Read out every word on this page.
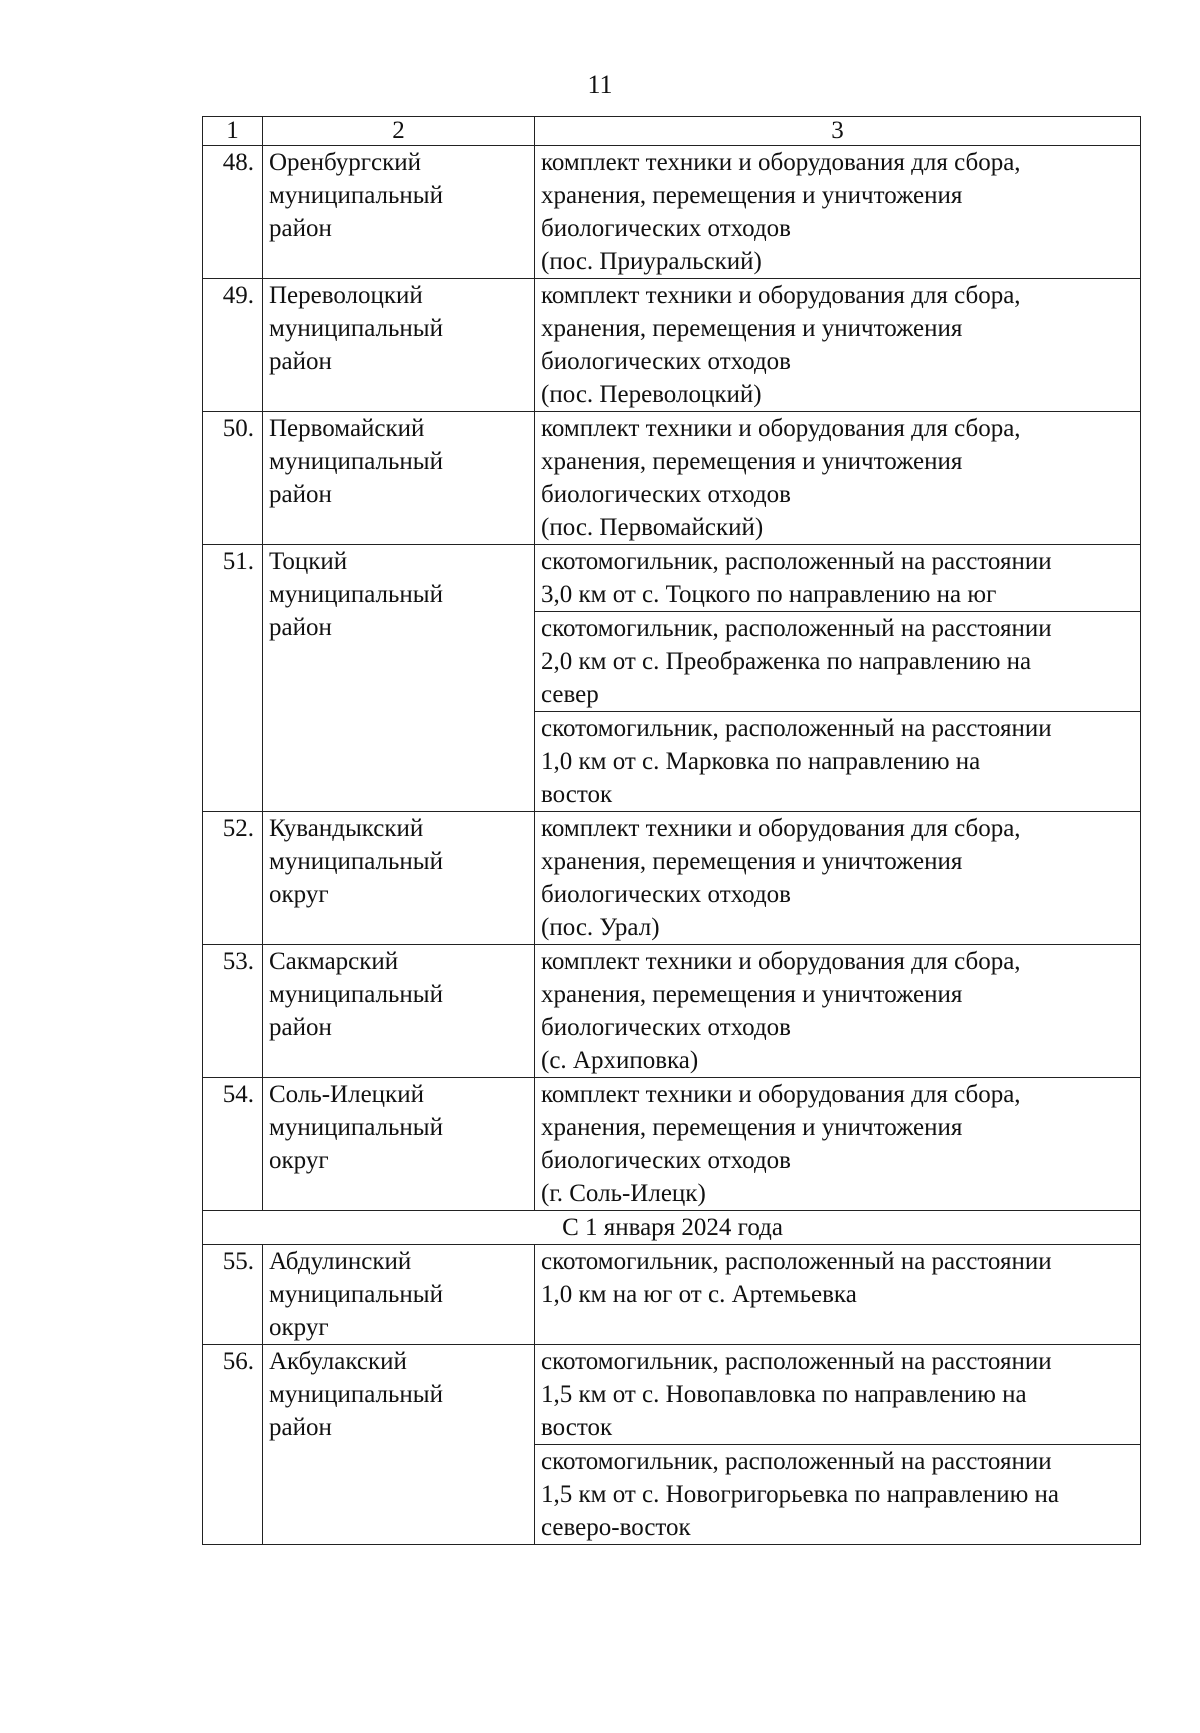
11
1	2	3
48.	Оренбургский
муниципальный
район	комплект техники и оборудования для сбора,
хранения, перемещения и уничтожения
биологических отходов
(пос. Приуральский)

49.	Переволоцкий
муниципальный
район	комплект техники и оборудования для сбора,
хранения, перемещения и уничтожения
биологических отходов
(пос. Переволоцкий)

50.	Первомайский
муниципальный
район	комплект техники и оборудования для сбора,
хранения, перемещения и уничтожения
биологических отходов
(пос. Первомайский)

51.	Тоцкий
муниципальный
район	скотомогильник, расположенный на расстоянии
3,0 км от с. Тоцкого по направлению на юг

		скотомогильник, расположенный на расстоянии
2,0 км от с. Преображенка по направлению на
север

		скотомогильник, расположенный на расстоянии
1,0 км от с. Марковка по направлению на
восток

52.	Кувандыкский
муниципальный
округ	комплект техники и оборудования для сбора,
хранения, перемещения и уничтожения
биологических отходов
(пос. Урал)

53.	Сакмарский
муниципальный
район	комплект техники и оборудования для сбора,
хранения, перемещения и уничтожения
биологических отходов
(с. Архиповка)

54.	Соль-Илецкий
муниципальный
округ	комплект техники и оборудования для сбора,
хранения, перемещения и уничтожения
биологических отходов
(г. Соль-Илецк)

С 1 января 2024 года		
55.	Абдулинский
муниципальный
округ	скотомогильник, расположенный на расстоянии
1,0 км на юг от с. Артемьевка

56.	Акбулакский
муниципальный
район	скотомогильник, расположенный на расстоянии
1,5 км от с. Новопавловка по направлению на
восток

		скотомогильник, расположенный на расстоянии
1,5 км от с. Новогригорьевка по направлению на
северо-восток
